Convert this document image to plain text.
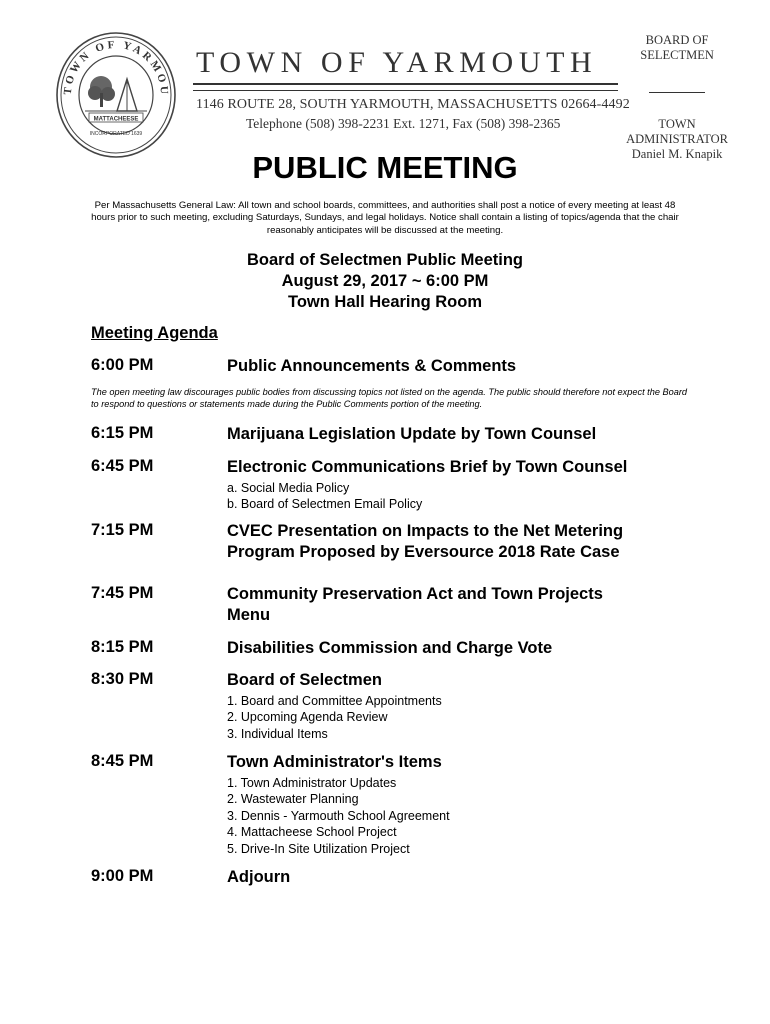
TOWN OF YARMOU
MATTACHEESE
INCORPORATED 1639
TOWN OF YARMOUTH
1146 ROUTE 28, SOUTH YARMOUTH, MASSACHUSETTS 02664-4492
Telephone (508) 398-2231 Ext. 1271, Fax (508) 398-2365
BOARD OF
SELECTMEN
TOWN
ADMINISTRATOR
Daniel M. Knapik
PUBLIC MEETING
Per Massachusetts General Law: All town and school boards, committees, and authorities shall post a notice of every meeting at least 48 hours prior to such meeting, excluding Saturdays, Sundays, and legal holidays. Notice shall contain a listing of topics/agenda that the chair reasonably anticipates will be discussed at the meeting.
Board of Selectmen Public Meeting
August 29, 2017 ~ 6:00 PM
Town Hall Hearing Room
Meeting Agenda
6:00 PM	Public Announcements & Comments
The open meeting law discourages public bodies from discussing topics not listed on the agenda. The public should therefore not expect the Board to respond to questions or statements made during the Public Comments portion of the meeting.
6:15 PM	Marijuana Legislation Update by Town Counsel
6:45 PM	Electronic Communications Brief by Town Counsel
a. Social Media Policy
b. Board of Selectmen Email Policy
7:15 PM	CVEC Presentation on Impacts to the Net Metering
Program Proposed by Eversource 2018 Rate Case
7:45 PM	Community Preservation Act and Town Projects
Menu
8:15 PM	Disabilities Commission and Charge Vote
8:30 PM	Board of Selectmen
1. Board and Committee Appointments
2. Upcoming Agenda Review
3. Individual Items
8:45 PM	Town Administrator's Items
1. Town Administrator Updates
2. Wastewater Planning
3. Dennis - Yarmouth School Agreement
4. Mattacheese School Project
5. Drive-In Site Utilization Project
9:00 PM	Adjourn
